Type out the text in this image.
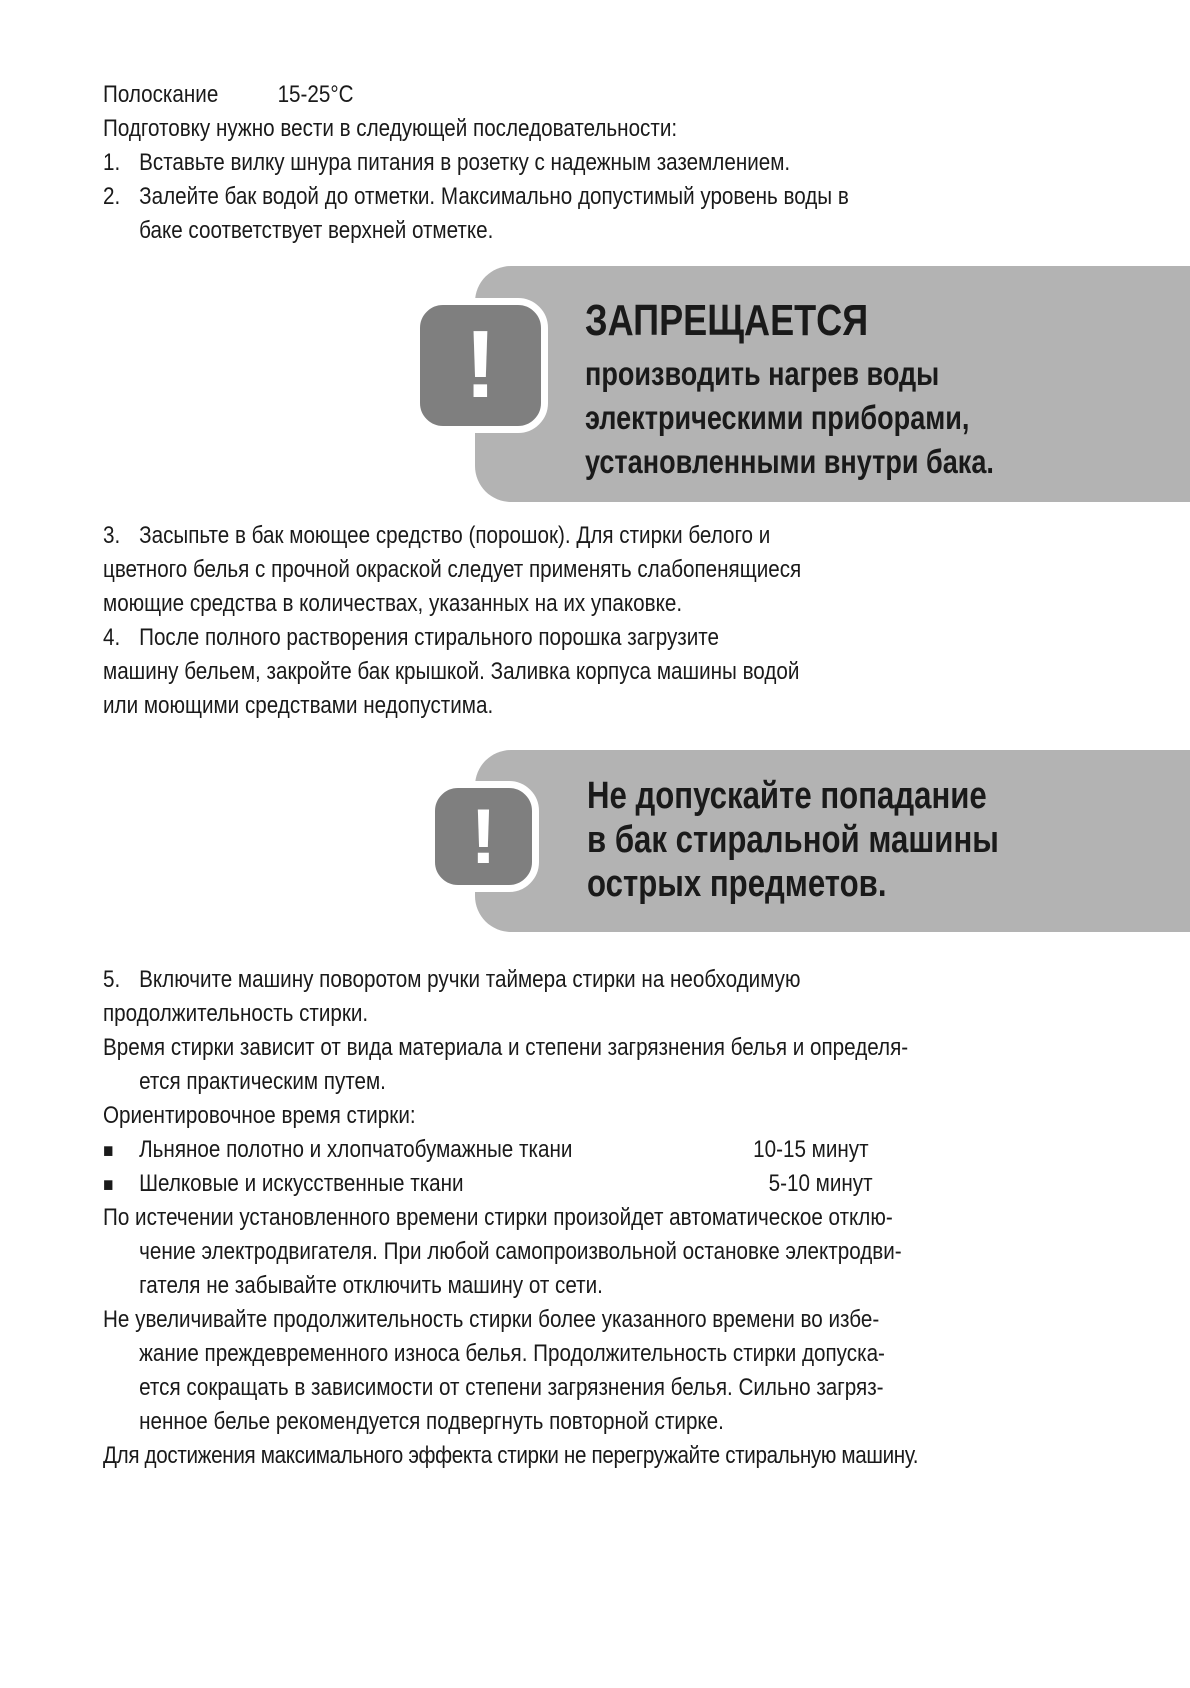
Полоскание 15-25°C
Подготовку нужно вести в следующей последовательности:
1. Вставьте вилку шнура питания в розетку с надежным заземлением.
2. Залейте бак водой до отметки. Максимально допустимый уровень воды в
баке соответствует верхней отметке.
!	ЗАПРЕЩАЕТСЯ
производить нагрев воды
электрическими приборами,
установленными внутри бака.
3. Засыпьте в бак моющее средство (порошок). Для стирки белого и
цветного белья с прочной окраской следует применять слабопенящиеся
моющие средства в количествах, указанных на их упаковке.
4. После полного растворения стирального порошка загрузите
машину бельем, закройте бак крышкой. Заливка корпуса машины водой
или моющими средствами недопустима.
!	Не допускайте попадание
в бак стиральной машины
острых предметов.
5. Включите машину поворотом ручки таймера стирки на необходимую
продолжительность стирки.
Время стирки зависит от вида материала и степени загрязнения белья и определя-
ется практическим путем.
Ориентировочное время стирки:
■ Льняное полотно и хлопчатобумажные ткани	10-15 минут
■ Шелковые и искусственные ткани	5-10 минут
По истечении установленного времени стирки произойдет автоматическое отклю-
чение электродвигателя. При любой самопроизвольной остановке электродви-
гателя не забывайте отключить машину от сети.
Не увеличивайте продолжительность стирки более указанного времени во избе-
жание преждевременного износа белья. Продолжительность стирки допуска-
ется сокращать в зависимости от степени загрязнения белья. Сильно загряз-
ненное белье рекомендуется подвергнуть повторной стирке.
Для достижения максимального эффекта стирки не перегружайте стиральную машину.
